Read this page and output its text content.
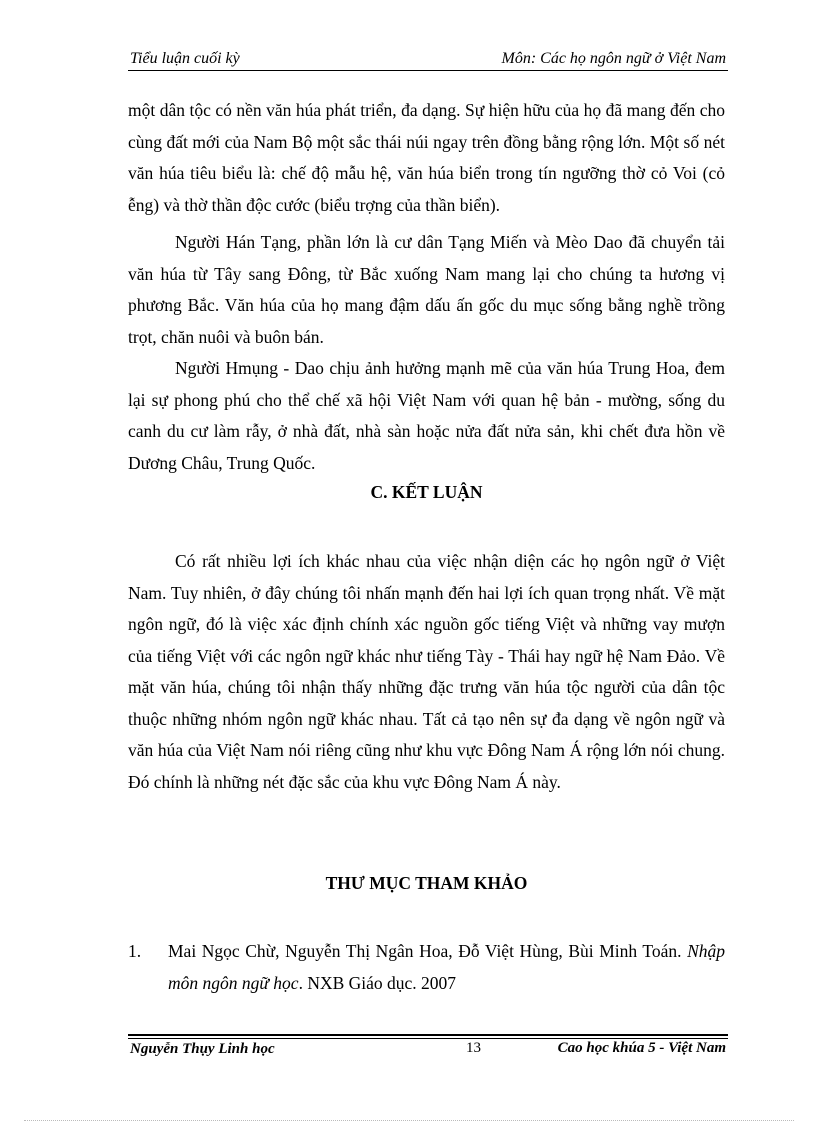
Tiểu luận cuối kỳ	Môn: Các họ ngôn ngữ ở Việt Nam

một dân tộc có nền văn húa phát triển, đa dạng. Sự hiện hữu của họ đã mang đến cho cùng đất mới của Nam Bộ một sắc thái núi ngay trên đồng bằng rộng lớn. Một số nét văn húa tiêu biểu là: chế độ mẫu hệ, văn húa biển trong tín ngưỡng thờ cỏ Voi (cỏ ễng) và thờ thần độc cước (biểu trợng của thần biển).

Người Hán Tạng, phần lớn là cư dân Tạng Miến và Mèo Dao đã chuyển tải văn húa từ Tây sang Đông, từ Bắc xuống Nam mang lại cho chúng ta hương vị phương Bắc. Văn húa của họ mang đậm dấu ấn gốc du mục sống bằng nghề trồng trọt, chăn nuôi và buôn bán.

Người Hmụng - Dao chịu ảnh hưởng mạnh mẽ của văn húa Trung Hoa, đem lại sự phong phú cho thể chế xã hội Việt Nam với quan hệ bản - mường, sống du canh du cư làm rẫy, ở nhà đất, nhà sàn hoặc nửa đất nửa sản, khi chết đưa hồn về Dương Châu, Trung Quốc.

C. KẾT LUẬN

Có rất nhiều lợi ích khác nhau của việc nhận diện các họ ngôn ngữ ở Việt Nam. Tuy nhiên, ở đây chúng tôi nhấn mạnh đến hai lợi ích quan trọng nhất. Về mặt ngôn ngữ, đó là việc xác định chính xác nguồn gốc tiếng Việt và những vay mượn của tiếng Việt với các ngôn ngữ khác như tiếng Tày - Thái hay ngữ hệ Nam Đảo. Về mặt văn húa, chúng tôi nhận thấy những đặc trưng văn húa tộc người của dân tộc thuộc những nhóm ngôn ngữ khác nhau. Tất cả tạo nên sự đa dạng về ngôn ngữ và văn húa của Việt Nam nói riêng cũng như khu vực Đông Nam Á rộng lớn nói chung. Đó chính là những nét đặc sắc của khu vực Đông Nam Á này.

THƯ MỤC THAM KHẢO
1. Mai Ngọc Chừ, Nguyễn Thị Ngân Hoa, Đỗ Việt Hùng, Bùi Minh Toán. Nhập môn ngôn ngữ học. NXB Giáo dục. 2007
Nguyễn Thụy Linh học	13	Cao học khúa 5 - Việt Nam
